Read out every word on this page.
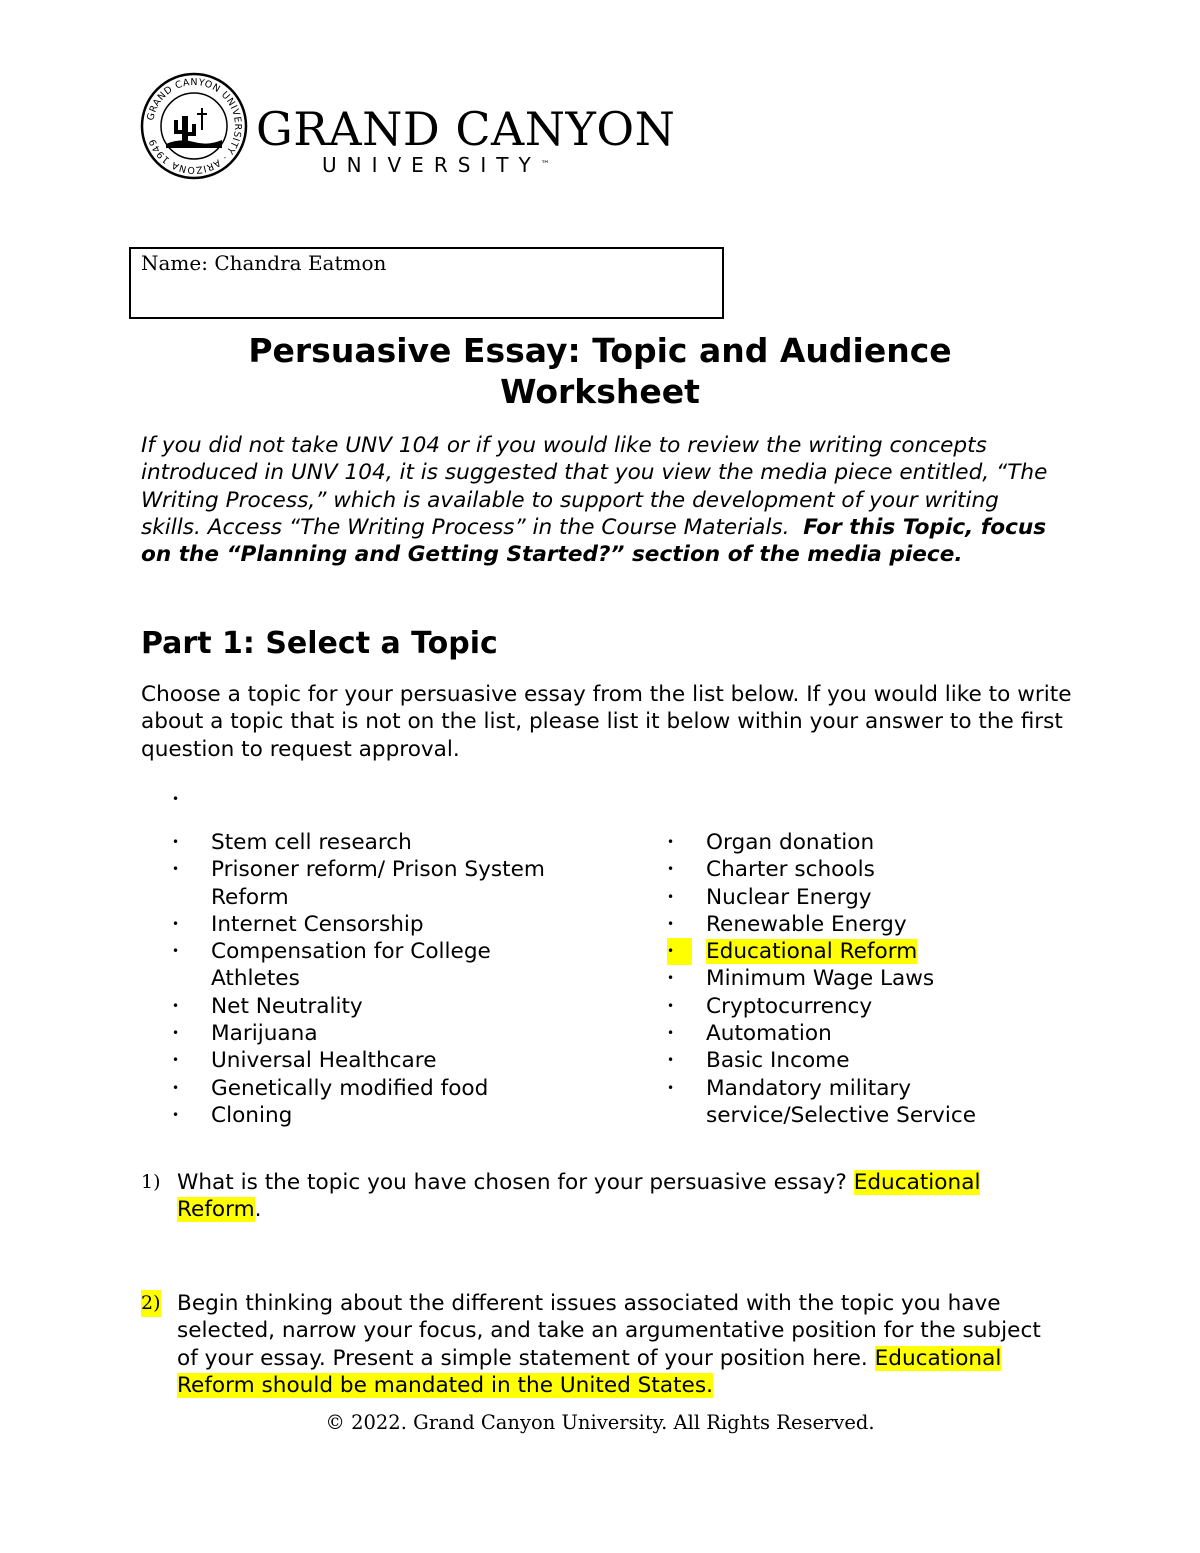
GRAND CANYON UNIVERSITY · ARIZONA 1949	GRAND CANYON
UNIVERSITY™
Name: Chandra Eatmon
Persuasive Essay: Topic and Audience
Worksheet
If you did not take UNV 104 or if you would like to review the writing concepts introduced in UNV 104, it is suggested that you view the media piece entitled, “The Writing Process,” which is available to support the development of your writing skills. Access “The Writing Process” in the Course Materials. For this Topic, focus on the “Planning and Getting Started?” section of the media piece.
Part 1: Select a Topic
Choose a topic for your persuasive essay from the list below. If you would like to write about a topic that is not on the list, please list it below within your answer to the first question to request approval.
•
• Stem cell research
• Prisoner reform/ Prison System Reform
• Internet Censorship
• Compensation for College Athletes
• Net Neutrality
• Marijuana
• Universal Healthcare
• Genetically modified food
• Cloning
• Organ donation
• Charter schools
• Nuclear Energy
• Renewable Energy
•	Educational Reform
• Minimum Wage Laws
• Cryptocurrency
• Automation
• Basic Income
• Mandatory military service/Selective Service
1) What is the topic you have chosen for your persuasive essay? Educational Reform.
2) Begin thinking about the different issues associated with the topic you have selected, narrow your focus, and take an argumentative position for the subject of your essay. Present a simple statement of your position here. Educational Reform should be mandated in the United States.
© 2022. Grand Canyon University. All Rights Reserved.
